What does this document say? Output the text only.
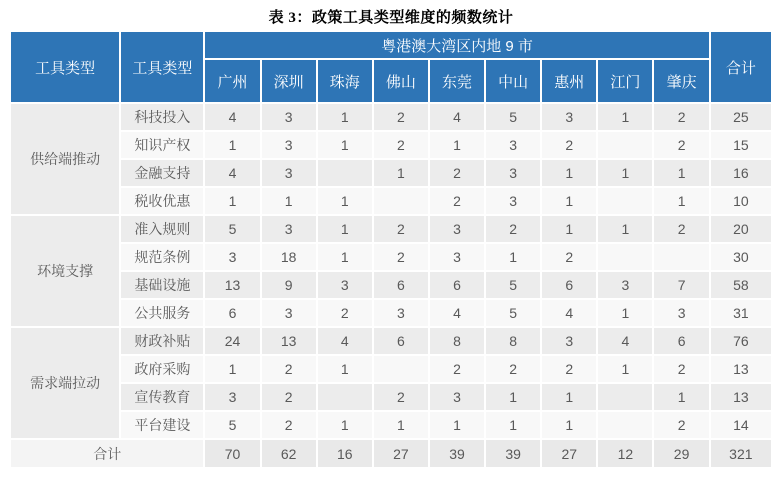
表 3：政策工具类型维度的频数统计
工具类型	工具类型	粤港澳大湾区内地 9 市									合计
		广州	深圳	珠海	佛山	东莞	中山	惠州	江门	肇庆	
供给端推动	科技投入	4	3	1	2	4	5	3	1	2	25
	知识产权	1	3	1	2	1	3	2		2	15
	金融支持	4	3		1	2	3	1	1	1	16
	税收优惠	1	1	1		2	3	1		1	10
环境支撑	准入规则	5	3	1	2	3	2	1	1	2	20
	规范条例	3	18	1	2	3	1	2			30
	基础设施	13	9	3	6	6	5	6	3	7	58
	公共服务	6	3	2	3	4	5	4	1	3	31
需求端拉动	财政补贴	24	13	4	6	8	8	3	4	6	76
	政府采购	1	2	1		2	2	2	1	2	13
	宣传教育	3	2		2	3	1	1		1	13
	平台建设	5	2	1	1	1	1	1		2	14
合计		70	62	16	27	39	39	27	12	29	321
